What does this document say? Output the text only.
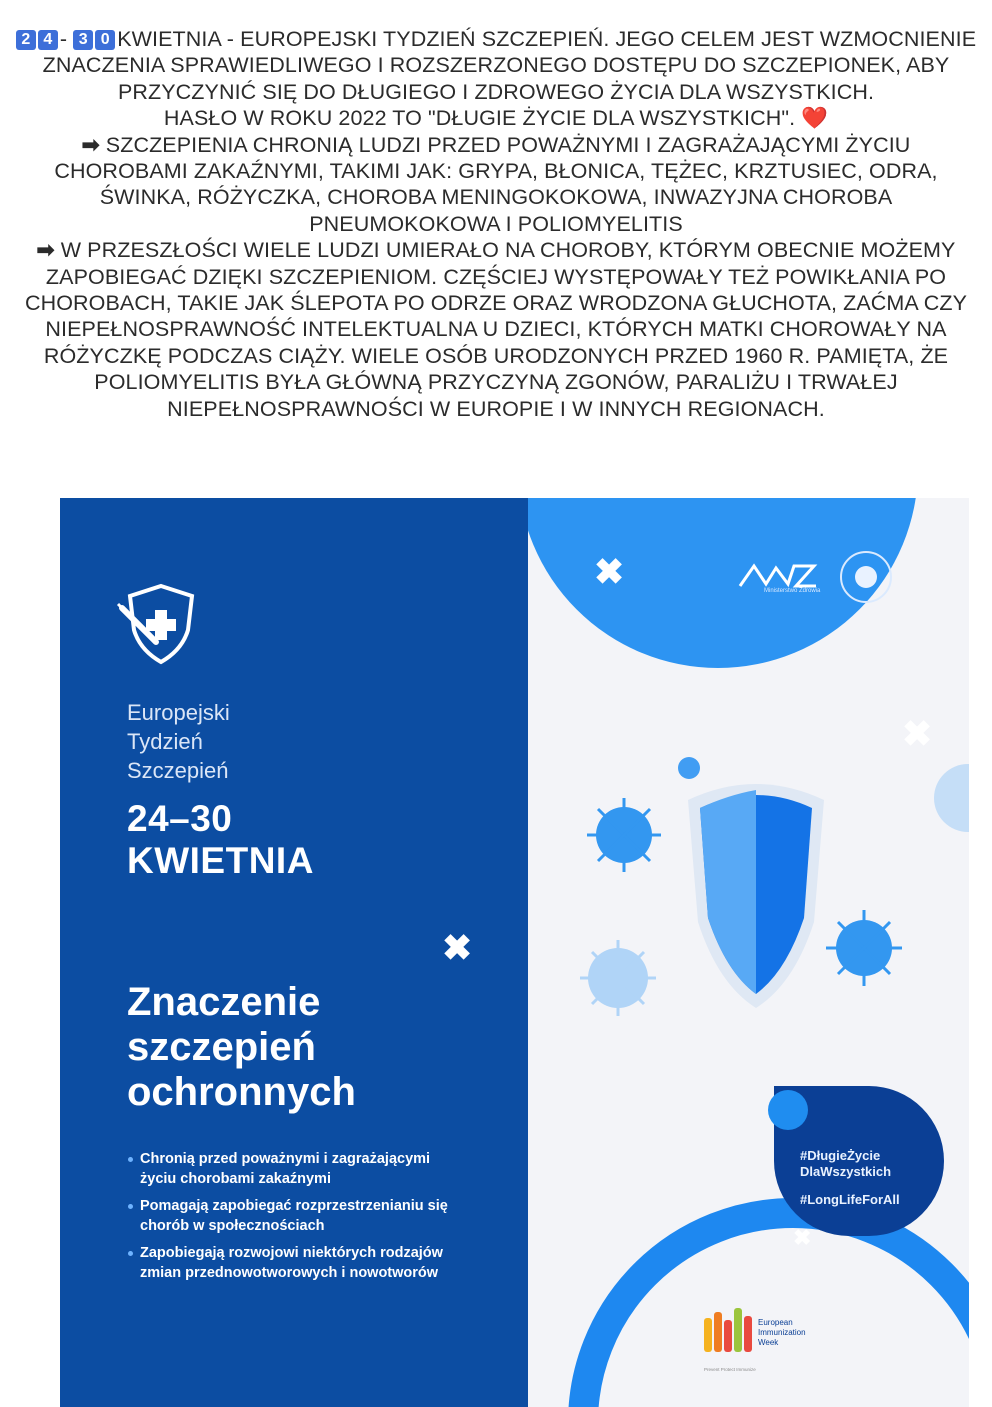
2 4 - 3 0 KWIETNIA - EUROPEJSKI TYDZIEŃ SZCZEPIEŃ. JEGO CELEM JEST WZMOCNIENIE ZNACZENIA SPRAWIEDLIWEGO I ROZSZERZONEGO DOSTĘPU DO SZCZEPIONEK, ABY PRZYCZYNIĆ SIĘ DO DŁUGIEGO I ZDROWEGO ŻYCIA DLA WSZYSTKICH.

HASŁO W ROKU 2022 TO "DŁUGIE ŻYCIE DLA WSZYSTKICH". ❤️

➡ SZCZEPIENIA CHRONIĄ LUDZI PRZED POWAŻNYMI I ZAGRAŻAJĄCYMI ŻYCIU CHOROBAMI ZAKAŹNYMI, TAKIMI JAK: GRYPA, BŁONICA, TĘŻEC, KRZTUSIEC, ODRA, ŚWINKA, RÓŻYCZKA, CHOROBA MENINGOKOKOWA, INWAZYJNA CHOROBA PNEUMOKOKOWA I POLIOMYELITIS

➡ W PRZESZŁOŚCI WIELE LUDZI UMIERAŁO NA CHOROBY, KTÓRYM OBECNIE MOŻEMY ZAPOBIEGAĆ DZIĘKI SZCZEPIENIOM. CZĘŚCIEJ WYSTĘPOWAŁY TEŻ POWIKŁANIA PO CHOROBACH, TAKIE JAK ŚLEPOTA PO ODRZE ORAZ WRODZONA GŁUCHOTA, ZAĆMA CZY NIEPEŁNOSPRAWNOŚĆ INTELEKTUALNA U DZIECI, KTÓRYCH MATKI CHOROWAŁY NA RÓŻYCZKĘ PODCZAS CIĄŻY. WIELE OSÓB URODZONYCH PRZED 1960 R. PAMIĘTA, ŻE POLIOMYELITIS BYŁA GŁÓWNĄ PRZYCZYNĄ ZGONÓW, PARALIŻU I TRWAŁEJ NIEPEŁNOSPRAWNOŚCI W EUROPIE I W INNYCH REGIONACH.

Europejski
Tydzień
Szczepień
24–30
KWIETNIA
✖
Znaczenie
szczepień
ochronnych
Chronią przed poważnymi i zagrażającymi życiu chorobami zakaźnymi
Pomagają zapobiegać rozprzestrzenianiu się chorób w społecznościach
Zapobiegają rozwojowi niektórych rodzajów zmian przednowotworowych i nowotworów
✖	Ministerstwo Zdrowia
✖
#DługieŻycie DlaWszystkich
#LongLifeForAll
✖
European
Immunization
Week
Prevent Protect Immunize
